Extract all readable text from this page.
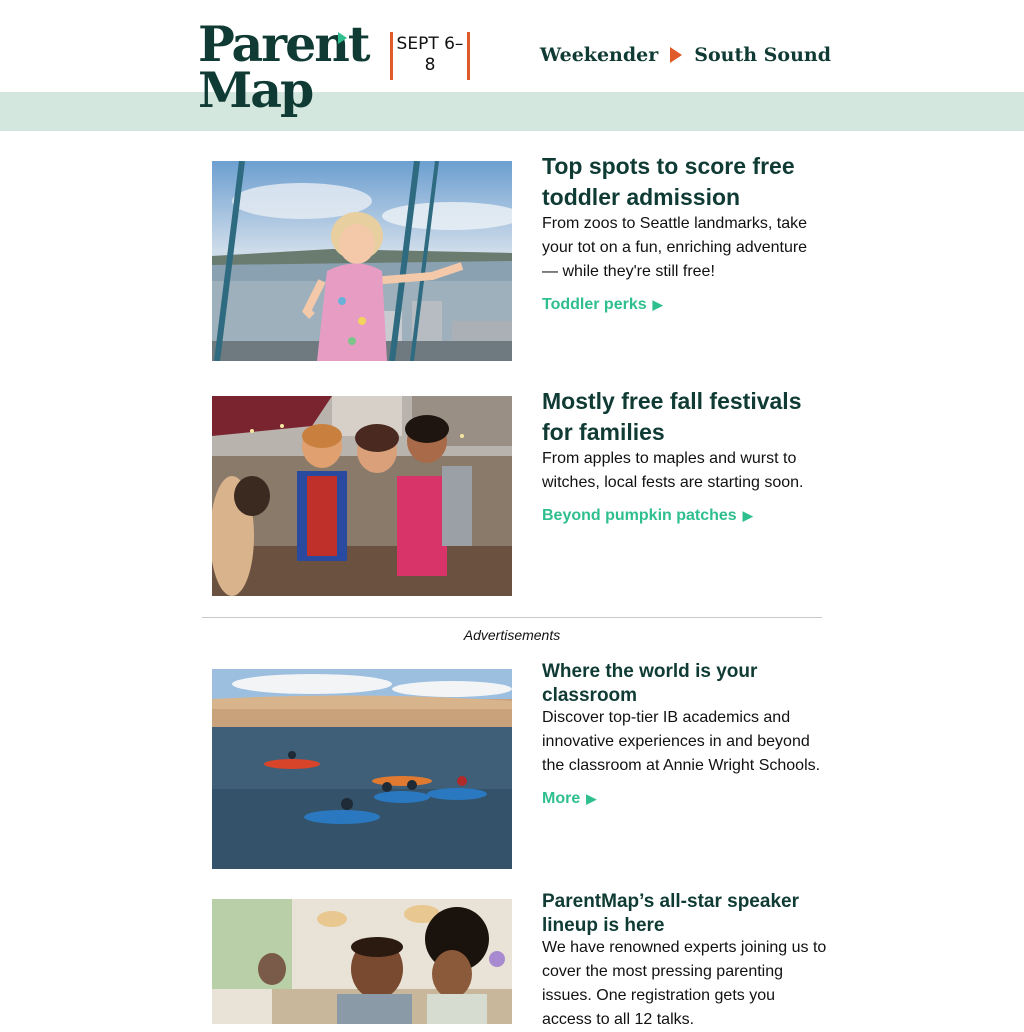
Parent
Map
SEPT 6–8	Weekender South Sound
Top spots to score free toddler admission
From zoos to Seattle landmarks, take your tot on a fun, enriching adventure — while they're still free!
Toddler perks ▶
Mostly free fall festivals for families
From apples to maples and wurst to witches, local fests are starting soon.
Beyond pumpkin patches ▶
Advertisements
Where the world is your classroom
Discover top-tier IB academics and innovative experiences in and beyond the classroom at Annie Wright Schools.
More ▶
ParentMap’s all-star speaker lineup is here
We have renowned experts joining us to cover the most pressing parenting issues. One registration gets you access to all 12 talks.
